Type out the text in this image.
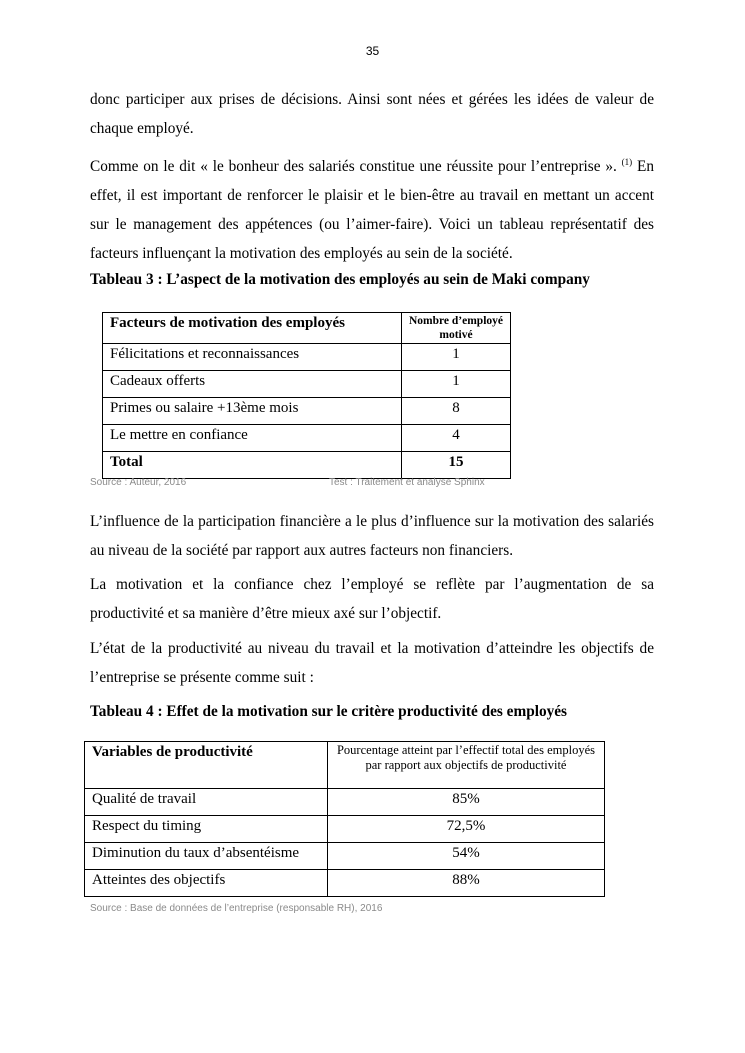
35

donc participer aux prises de décisions. Ainsi sont nées et gérées les idées de valeur de chaque employé.

Comme on le dit « le bonheur des salariés constitue une réussite pour l’entreprise ». $^{(1)}$ En effet, il est important de renforcer le plaisir et le bien-être au travail en mettant un accent sur le management des appétences (ou l’aimer-faire). Voici un tableau représentatif des facteurs influençant la motivation des employés au sein de la société.

Tableau 3 : L’aspect de la motivation des employés au sein de Maki company
Facteurs de motivation des employés	Nombre d’employé motivé
Félicitations et reconnaissances	1
Cadeaux offerts	1
Primes ou salaire +13ème mois	8
Le mettre en confiance	4
Total	15
Source : Auteur, 2016	Test : Traitement et analyse Sphinx

L’influence de la participation financière a le plus d’influence sur la motivation des salariés au niveau de la société par rapport aux autres facteurs non financiers.

La motivation et la confiance chez l’employé se reflète par l’augmentation de sa productivité et sa manière d’être mieux axé sur l’objectif.

L’état de la productivité au niveau du travail et la motivation d’atteindre les objectifs de l’entreprise se présente comme suit :

Tableau 4 : Effet de la motivation sur le critère productivité des employés
Variables de productivité	Pourcentage atteint par l’effectif total des employés par rapport aux objectifs de productivité
Qualité de travail	85%
Respect du timing	72,5%
Diminution du taux d’absentéisme	54%
Atteintes des objectifs	88%
Source : Base de données de l’entreprise (responsable RH), 2016
